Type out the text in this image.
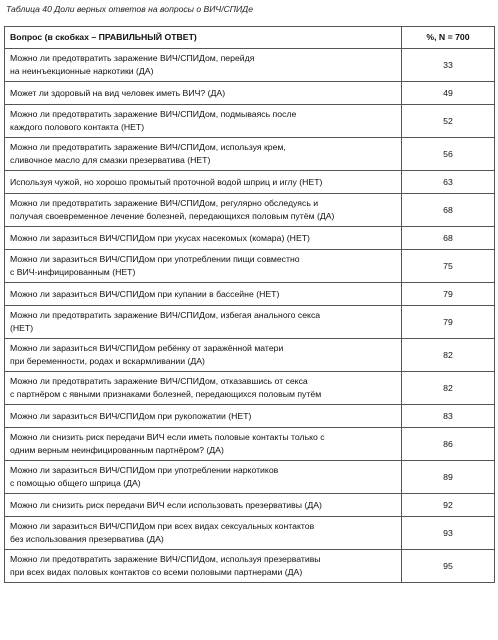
Таблица 40 Доли верных ответов на вопросы о ВИЧ/СПИДе
Вопрос (в скобках – ПРАВИЛЬНЫЙ ОТВЕТ)	%, N = 700
Можно ли предотвратить заражение ВИЧ/СПИДом, перейдя
на неинъекционные наркотики (ДА)	33
Может ли здоровый на вид человек иметь ВИЧ? (ДА)	49
Можно ли предотвратить заражение ВИЧ/СПИДом, подмываясь после
каждого полового контакта (НЕТ)	52
Можно ли предотвратить заражение ВИЧ/СПИДом, используя крем,
сливочное масло для смазки презерватива (НЕТ)	56
Используя чужой, но хорошо промытый проточной водой шприц и иглу (НЕТ)	63
Можно ли предотвратить заражение ВИЧ/СПИДом, регулярно обследуясь и
получая своевременное лечение болезней, передающихся половым путём (ДА)	68
Можно ли заразиться ВИЧ/СПИДом при укусах насекомых (комара) (НЕТ)	68
Можно ли заразиться ВИЧ/СПИДом при употреблении пищи совместно
с ВИЧ-инфицированным (НЕТ)	75
Можно ли заразиться ВИЧ/СПИДом при купании в бассейне (НЕТ)	79
Можно ли предотвратить заражение ВИЧ/СПИДом, избегая анального секса
(НЕТ)	79
Можно ли заразиться ВИЧ/СПИДом ребёнку от заражённой матери
при беременности, родах и вскармливании (ДА)	82
Можно ли предотвратить заражение ВИЧ/СПИДом, отказавшись от секса
с партнёром с явными признаками болезней, передающихся половым путём	82
Можно ли заразиться ВИЧ/СПИДом при рукопожатии (НЕТ)	83
Можно ли снизить риск передачи ВИЧ если иметь половые контакты только с
одним верным неинфицированным партнёром? (ДА)	86
Можно ли заразиться ВИЧ/СПИДом при употреблении наркотиков
с помощью общего шприца (ДА)	89
Можно ли снизить риск передачи ВИЧ если использовать презервативы (ДА)	92
Можно ли заразиться ВИЧ/СПИДом при всех видах сексуальных контактов
без использования презерватива (ДА)	93
Можно ли предотвратить заражение ВИЧ/СПИДом, используя презервативы
при всех видах половых контактов со всеми половыми партнерами (ДА)	95
